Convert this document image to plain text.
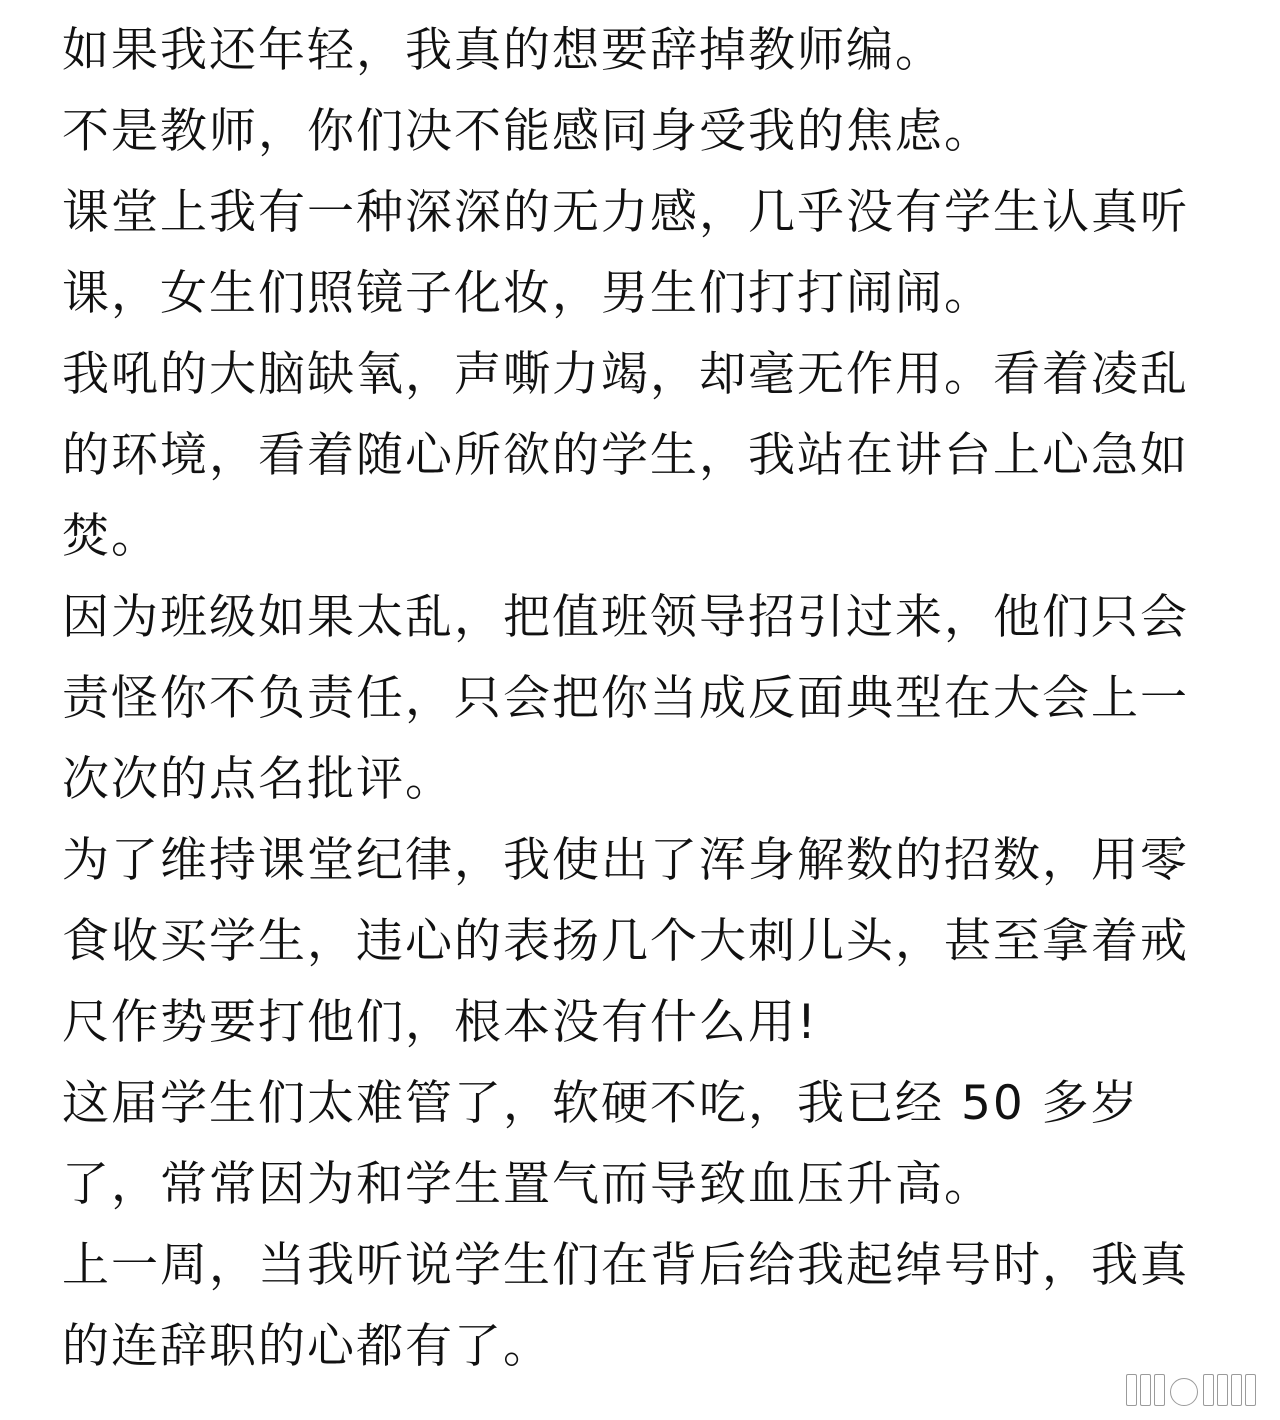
如果我还年轻，我真的想要辞掉教师编。

不是教师，你们决不能感同身受我的焦虑。

课堂上我有一种深深的无力感，几乎没有学生认真听课，女生们照镜子化妆，男生们打打闹闹。

我吼的大脑缺氧，声嘶力竭，却毫无作用。看着凌乱的环境，看着随心所欲的学生，我站在讲台上心急如焚。

因为班级如果太乱，把值班领导招引过来，他们只会责怪你不负责任，只会把你当成反面典型在大会上一次次的点名批评。

为了维持课堂纪律，我使出了浑身解数的招数，用零食收买学生，违心的表扬几个大刺儿头，甚至拿着戒尺作势要打他们，根本没有什么用!

这届学生们太难管了，软硬不吃，我已经 50 多岁了，常常因为和学生置气而导致血压升高。

上一周，当我听说学生们在背后给我起绰号时，我真的连辞职的心都有了。
